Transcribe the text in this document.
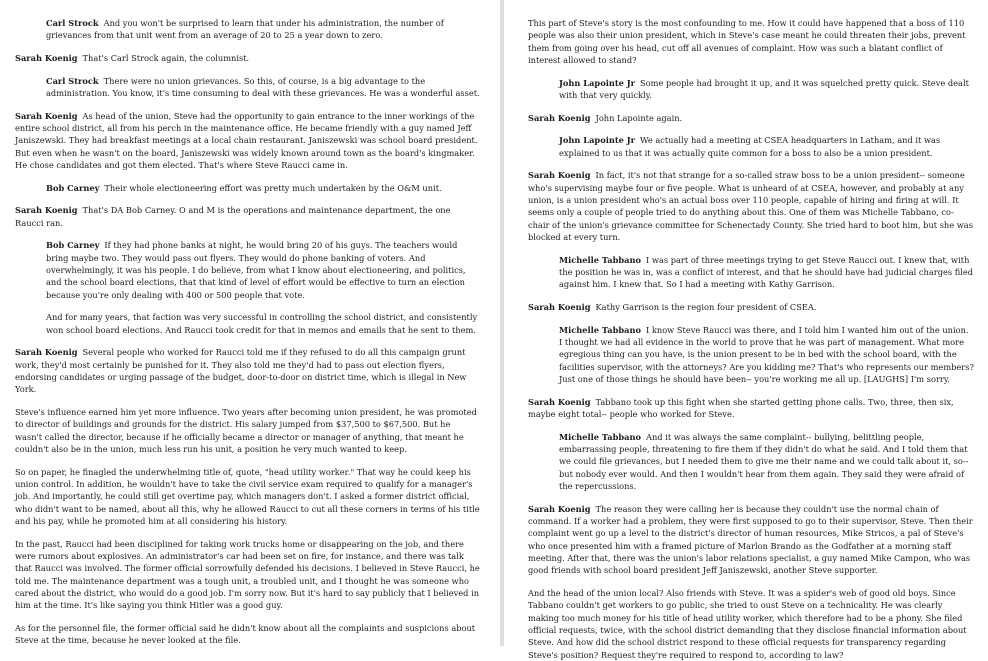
Carl Strock And you won't be surprised to learn that under his administration, the number of grievances from that unit went from an average of 20 to 25 a year down to zero.

Sarah Koenig That's Carl Strock again, the columnist.

Carl Strock There were no union grievances. So this, of course, is a big advantage to the administration. You know, it's time consuming to deal with these grievances. He was a wonderful asset.

Sarah Koenig As head of the union, Steve had the opportunity to gain entrance to the inner workings of the entire school district, all from his perch in the maintenance office. He became friendly with a guy named Jeff Janiszewski. They had breakfast meetings at a local chain restaurant. Janiszewski was school board president. But even when he wasn't on the board, Janiszewski was widely known around town as the board's kingmaker. He chose candidates and got them elected. That's where Steve Raucci came in.

Bob Carney Their whole electioneering effort was pretty much undertaken by the O&M unit.

Sarah Koenig That's DA Bob Carney. O and M is the operations and maintenance department, the one Raucci ran.

Bob Carney If they had phone banks at night, he would bring 20 of his guys. The teachers would bring maybe two. They would pass out flyers. They would do phone banking of voters. And overwhelmingly, it was his people. I do believe, from what I know about electioneering, and politics, and the school board elections, that that kind of level of effort would be effective to turn an election because you're only dealing with 400 or 500 people that vote.

And for many years, that faction was very successful in controlling the school district, and consistently won school board elections. And Raucci took credit for that in memos and emails that he sent to them.

Sarah Koenig Several people who worked for Raucci told me if they refused to do all this campaign grunt work, they'd most certainly be punished for it. They also told me they'd had to pass out election flyers, endorsing candidates or urging passage of the budget, door-to-door on district time, which is illegal in New York.

Steve's influence earned him yet more influence. Two years after becoming union president, he was promoted to director of buildings and grounds for the district. His salary jumped from $37,500 to $67,500. But he wasn't called the director, because if he officially became a director or manager of anything, that meant he couldn't also be in the union, much less run his unit, a position he very much wanted to keep.

So on paper, he finagled the underwhelming title of, quote, "head utility worker." That way he could keep his union control. In addition, he wouldn't have to take the civil service exam required to qualify for a manager's job. And importantly, he could still get overtime pay, which managers don't. I asked a former district official, who didn't want to be named, about all this, why he allowed Raucci to cut all these corners in terms of his title and his pay, while he promoted him at all considering his history.

In the past, Raucci had been disciplined for taking work trucks home or disappearing on the job, and there were rumors about explosives. An administrator's car had been set on fire, for instance, and there was talk that Raucci was involved. The former official sorrowfully defended his decisions. I believed in Steve Raucci, he told me. The maintenance department was a tough unit, a troubled unit, and I thought he was someone who cared about the district, who would do a good job. I'm sorry now. But it's hard to say publicly that I believed in him at the time. It's like saying you think Hitler was a good guy.

As for the personnel file, the former official said he didn't know about all the complaints and suspicions about Steve at the time, because he never looked at the file.

This part of Steve's story is the most confounding to me. How it could have happened that a boss of 110 people was also their union president, which in Steve's case meant he could threaten their jobs, prevent them from going over his head, cut off all avenues of complaint. How was such a blatant conflict of interest allowed to stand?

John Lapointe Jr Some people had brought it up, and it was squelched pretty quick. Steve dealt with that very quickly.

Sarah Koenig John Lapointe again.

John Lapointe Jr We actually had a meeting at CSEA headquarters in Latham, and it was explained to us that it was actually quite common for a boss to also be a union president.

Sarah Koenig In fact, it's not that strange for a so-called straw boss to be a union president-- someone who's supervising maybe four or five people. What is unheard of at CSEA, however, and probably at any union, is a union president who's an actual boss over 110 people, capable of hiring and firing at will. It seems only a couple of people tried to do anything about this. One of them was Michelle Tabbano, co-chair of the union's grievance committee for Schenectady County. She tried hard to boot him, but she was blocked at every turn.

Michelle Tabbano I was part of three meetings trying to get Steve Raucci out. I knew that, with the position he was in, was a conflict of interest, and that he should have had judicial charges filed against him. I knew that. So I had a meeting with Kathy Garrison.

Sarah Koenig Kathy Garrison is the region four president of CSEA.

Michelle Tabbano I know Steve Raucci was there, and I told him I wanted him out of the union. I thought we had all evidence in the world to prove that he was part of management. What more egregious thing can you have, is the union present to be in bed with the school board, with the facilities supervisor, with the attorneys? Are you kidding me? That's who represents our members? Just one of those things he should have been-- you're working me all up. [LAUGHS] I'm sorry.

Sarah Koenig Tabbano took up this fight when she started getting phone calls. Two, three, then six, maybe eight total-- people who worked for Steve.

Michelle Tabbano And it was always the same complaint-- bullying, belittling people, embarrassing people, threatening to fire them if they didn't do what he said. And I told them that we could file grievances, but I needed them to give me their name and we could talk about it, so-- but nobody ever would. And then I wouldn't hear from them again. They said they were afraid of the repercussions.

Sarah Koenig The reason they were calling her is because they couldn't use the normal chain of command. If a worker had a problem, they were first supposed to go to their supervisor, Steve. Then their complaint went go up a level to the district's director of human resources, Mike Stricos, a pal of Steve's who once presented him with a framed picture of Marlon Brando as the Godfather at a morning staff meeting. After that, there was the union's labor relations specialist, a guy named Mike Campon, who was good friends with school board president Jeff Janiszewski, another Steve supporter.

And the head of the union local? Also friends with Steve. It was a spider's web of good old boys. Since Tabbano couldn't get workers to go public, she tried to oust Steve on a technicality. He was clearly making too much money for his title of head utility worker, which therefore had to be a phony. She filed official requests, twice, with the school district demanding that they disclose financial information about Steve. And how did the school district respond to these official requests for transparency regarding Steve's position? Request they're required to respond to, according to law?
